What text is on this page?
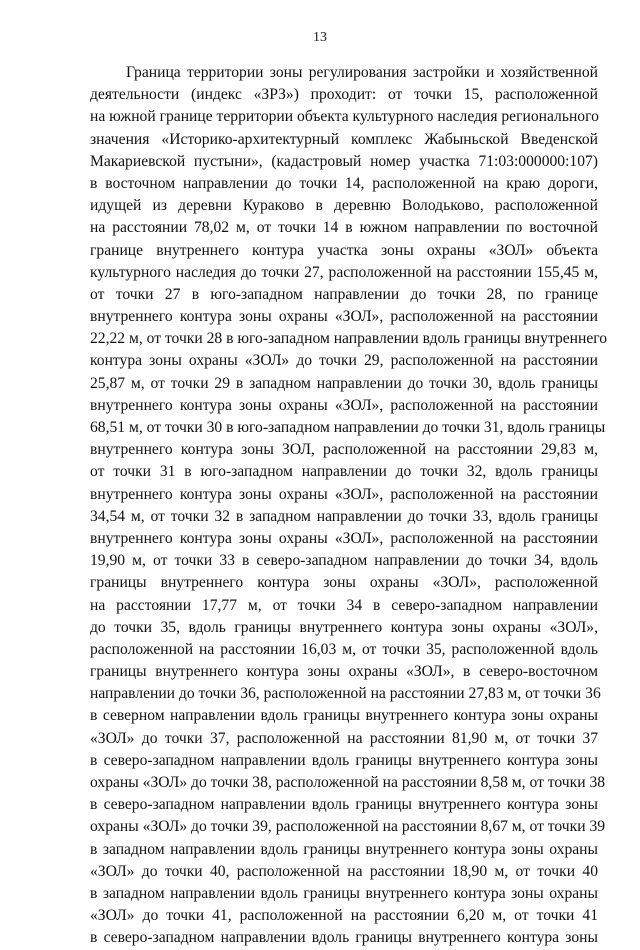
13
Граница территории зоны регулирования застройки и хозяйственной
деятельности (индекс «ЗРЗ») проходит: от точки 15, расположенной
на южной границе территории объекта культурного наследия регионального
значения «Историко-архитектурный комплекс Жабыньской Введенской
Макариевской пустыни», (кадастровый номер участка 71:03:000000:107)
в восточном направлении до точки 14, расположенной на краю дороги,
идущей из деревни Кураково в деревню Володьково, расположенной
на расстоянии 78,02 м, от точки 14 в южном направлении по восточной
границе внутреннего контура участка зоны охраны «ЗОЛ» объекта
культурного наследия до точки 27, расположенной на расстоянии 155,45 м,
от точки 27 в юго-западном направлении до точки 28, по границе
внутреннего контура зоны охраны «ЗОЛ», расположенной на расстоянии
22,22 м, от точки 28 в юго-западном направлении вдоль границы внутреннего
контура зоны охраны «ЗОЛ» до точки 29, расположенной на расстоянии
25,87 м, от точки 29 в западном направлении до точки 30, вдоль границы
внутреннего контура зоны охраны «ЗОЛ», расположенной на расстоянии
68,51 м, от точки 30 в юго-западном направлении до точки 31, вдоль границы
внутреннего контура зоны ЗОЛ, расположенной на расстоянии 29,83 м,
от точки 31 в юго-западном направлении до точки 32, вдоль границы
внутреннего контура зоны охраны «ЗОЛ», расположенной на расстоянии
34,54 м, от точки 32 в западном направлении до точки 33, вдоль границы
внутреннего контура зоны охраны «ЗОЛ», расположенной на расстоянии
19,90 м, от точки 33 в северо-западном направлении до точки 34, вдоль
границы внутреннего контура зоны охраны «ЗОЛ», расположенной
на расстоянии 17,77 м, от точки 34 в северо-западном направлении
до точки 35, вдоль границы внутреннего контура зоны охраны «ЗОЛ»,
расположенной на расстоянии 16,03 м, от точки 35, расположенной вдоль
границы внутреннего контура зоны охраны «ЗОЛ», в северо-восточном
направлении до точки 36, расположенной на расстоянии 27,83 м, от точки 36
в северном направлении вдоль границы внутреннего контура зоны охраны
«ЗОЛ» до точки 37, расположенной на расстоянии 81,90 м, от точки 37
в северо-западном направлении вдоль границы внутреннего контура зоны
охраны «ЗОЛ» до точки 38, расположенной на расстоянии 8,58 м, от точки 38
в северо-западном направлении вдоль границы внутреннего контура зоны
охраны «ЗОЛ» до точки 39, расположенной на расстоянии 8,67 м, от точки 39
в западном направлении вдоль границы внутреннего контура зоны охраны
«ЗОЛ» до точки 40, расположенной на расстоянии 18,90 м, от точки 40
в западном направлении вдоль границы внутреннего контура зоны охраны
«ЗОЛ» до точки 41, расположенной на расстоянии 6,20 м, от точки 41
в северо-западном направлении вдоль границы внутреннего контура зоны
